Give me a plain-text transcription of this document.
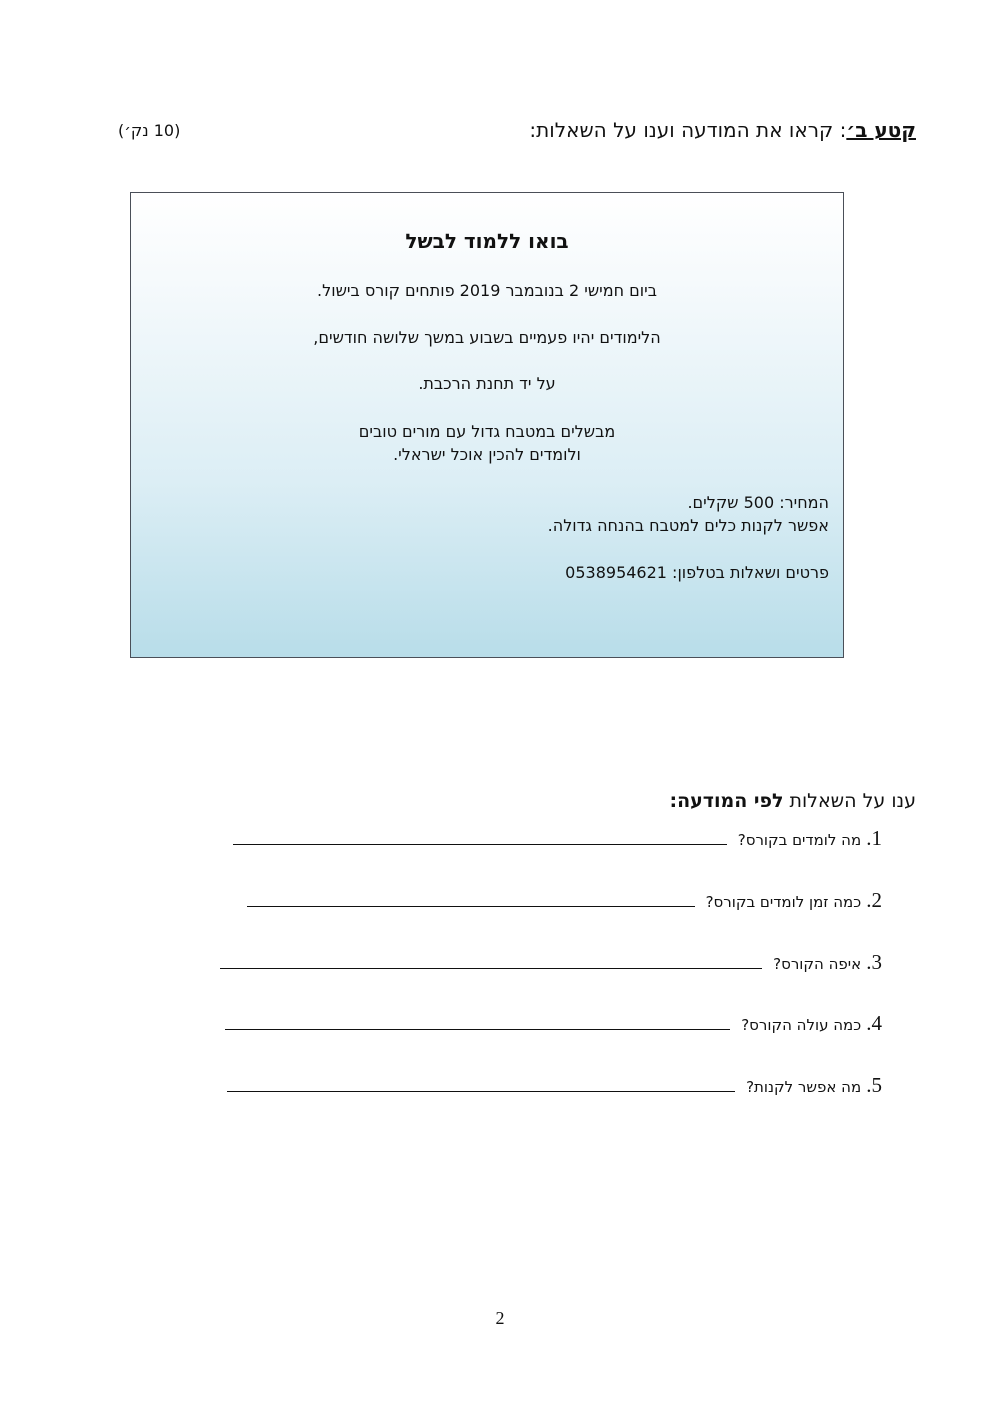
קטע ב׳: קראו את המודעה וענו על השאלות:
(10 נק׳)
בואו ללמוד לבשל
ביום חמישי 2 בנובמבר 2019 פותחים קורס בישול.
הלימודים יהיו פעמיים בשבוע במשך שלושה חודשים,
על יד תחנת הרכבת.
מבשלים במטבח גדול עם מורים טובים
ולומדים להכין אוכל ישראלי.
המחיר: 500 שקלים.
אפשר לקנות כלים למטבח בהנחה גדולה.
פרטים ושאלות בטלפון: 0538954621
ענו על השאלות לפי המודעה:
1. מה לומדים בקורס?
2. כמה זמן לומדים בקורס?
3. איפה הקורס?
4. כמה עולה הקורס?
5. מה אפשר לקנות?
2
